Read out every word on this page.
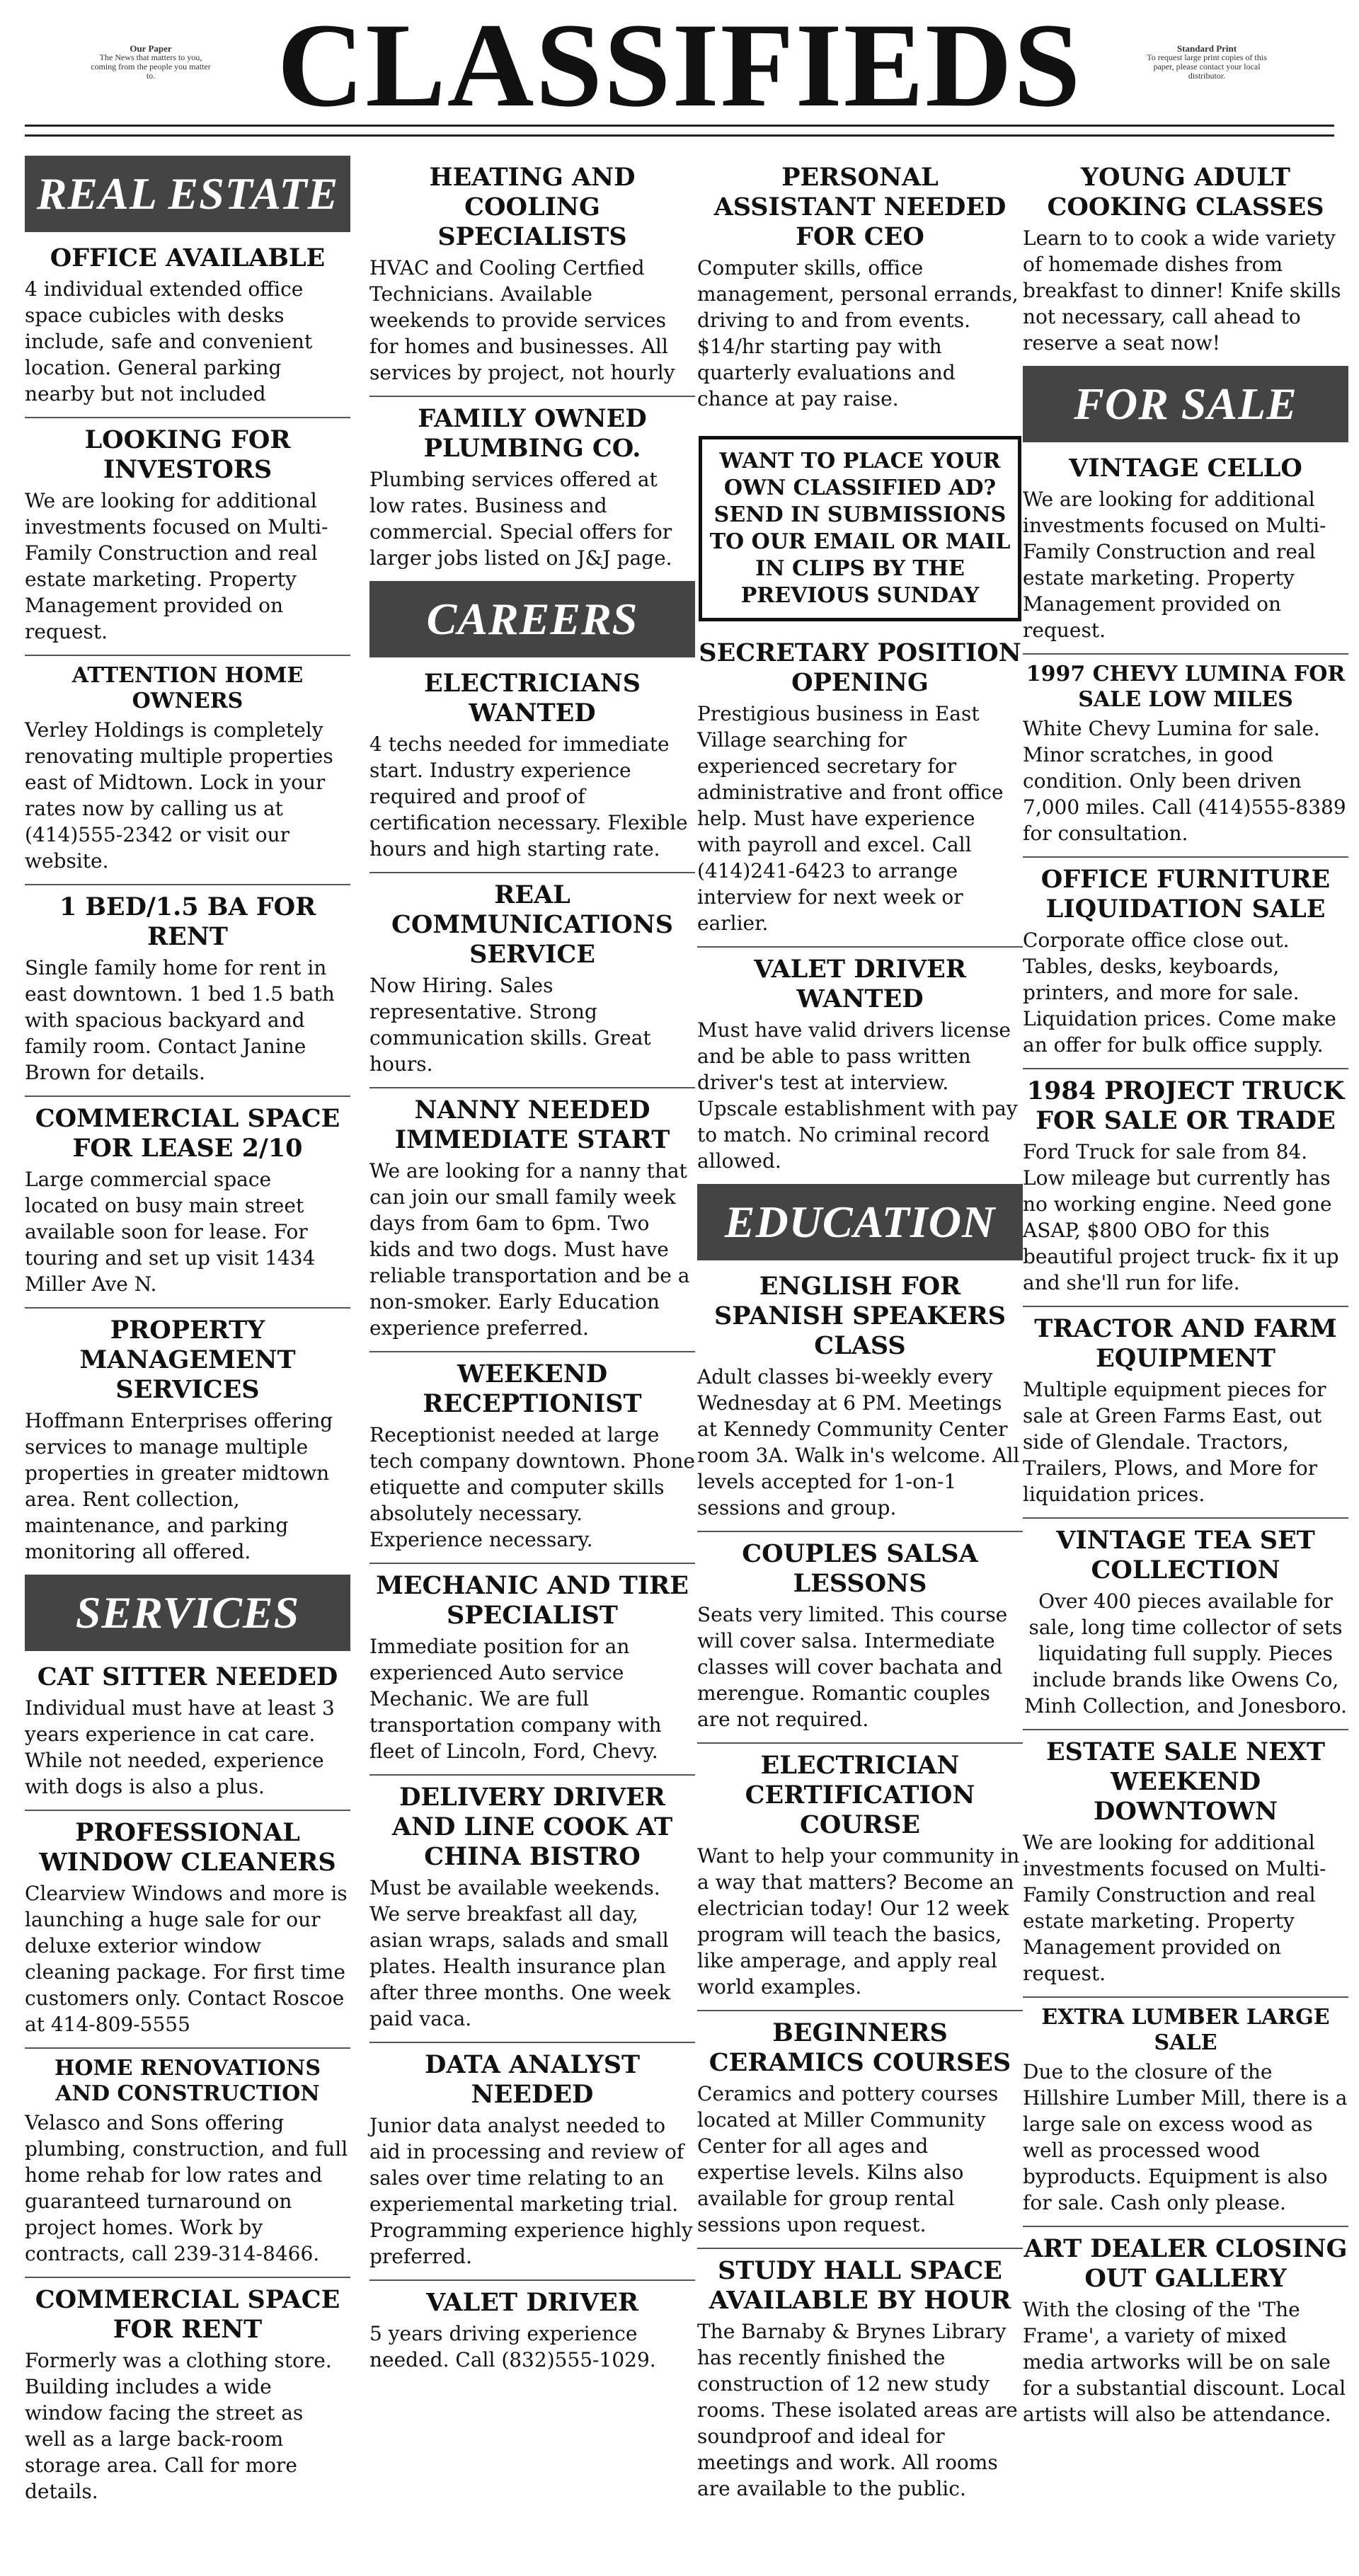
Our Paper
The News that matters to you, coming from the people you matter to.	CLASSIFIEDS	Standard Print
To request large print copies of this paper, please contact your local distributor.
REAL ESTATE
OFFICE AVAILABLE

4 individual extended office space cubicles with desks include, safe and convenient location. General parking nearby but not included

LOOKING FOR INVESTORS

We are looking for additional investments focused on Multi-Family Construction and real estate marketing. Property Management provided on request.

ATTENTION HOME OWNERS

Verley Holdings is completely renovating multiple properties east of Midtown. Lock in your rates now by calling us at (414)555-2342 or visit our website.

1 BED/1.5 BA FOR RENT

Single family home for rent in east downtown. 1 bed 1.5 bath with spacious backyard and family room. Contact Janine Brown for details.

COMMERCIAL SPACE FOR LEASE 2/10

Large commercial space located on busy main street available soon for lease. For touring and set up visit 1434 Miller Ave N.

PROPERTY MANAGEMENT SERVICES

Hoffmann Enterprises offering services to manage multiple properties in greater midtown area. Rent collection, maintenance, and parking monitoring all offered.

SERVICES
CAT SITTER NEEDED

Individual must have at least 3 years experience in cat care. While not needed, experience with dogs is also a plus.

PROFESSIONAL WINDOW CLEANERS

Clearview Windows and more is launching a huge sale for our deluxe exterior window cleaning package. For first time customers only. Contact Roscoe at 414-809-5555

HOME RENOVATIONS AND CONSTRUCTION

Velasco and Sons offering plumbing, construction, and full home rehab for low rates and guaranteed turnaround on project homes. Work by contracts, call 239-314-8466.

COMMERCIAL SPACE FOR RENT

Formerly was a clothing store. Building includes a wide window facing the street as well as a large back-room storage area. Call for more details.

HEATING AND COOLING SPECIALISTS

HVAC and Cooling Certfied Technicians. Available weekends to provide services for homes and businesses. All services by project, not hourly

FAMILY OWNED PLUMBING CO.

Plumbing services offered at low rates. Business and commercial. Special offers for larger jobs listed on J&J page.

CAREERS
ELECTRICIANS WANTED

4 techs needed for immediate start. Industry experience required and proof of certification necessary. Flexible hours and high starting rate.

REAL COMMUNICATIONS SERVICE

Now Hiring. Sales representative. Strong communication skills. Great hours.

NANNY NEEDED IMMEDIATE START

We are looking for a nanny that can join our small family week days from 6am to 6pm. Two kids and two dogs. Must have reliable transportation and be a non-smoker. Early Education experience preferred.

WEEKEND RECEPTIONIST

Receptionist needed at large tech company downtown. Phone etiquette and computer skills absolutely necessary. Experience necessary.

MECHANIC AND TIRE SPECIALIST

Immediate position for an experienced Auto service Mechanic. We are full transportation company with fleet of Lincoln, Ford, Chevy.

DELIVERY DRIVER AND LINE COOK AT CHINA BISTRO

Must be available weekends. We serve breakfast all day, asian wraps, salads and small plates. Health insurance plan after three months. One week paid vaca.

DATA ANALYST NEEDED

Junior data analyst needed to aid in processing and review of sales over time relating to an experiemental marketing trial. Programming experience highly preferred.

VALET DRIVER

5 years driving experience needed. Call (832)555-1029.

PERSONAL ASSISTANT NEEDED FOR CEO

Computer skills, office management, personal errands, driving to and from events. $14/hr starting pay with quarterly evaluations and chance at pay raise.

WANT TO PLACE YOUR OWN CLASSIFIED AD? SEND IN SUBMISSIONS TO OUR EMAIL OR MAIL IN CLIPS BY THE PREVIOUS SUNDAY
SECRETARY POSITION OPENING

Prestigious business in East Village searching for experienced secretary for administrative and front office help. Must have experience with payroll and excel. Call (414)241-6423 to arrange interview for next week or earlier.

VALET DRIVER WANTED

Must have valid drivers license and be able to pass written driver's test at interview. Upscale establishment with pay to match. No criminal record allowed.

EDUCATION
ENGLISH FOR SPANISH SPEAKERS CLASS

Adult classes bi-weekly every Wednesday at 6 PM. Meetings at Kennedy Community Center room 3A. Walk in's welcome. All levels accepted for 1-on-1 sessions and group.

COUPLES SALSA LESSONS

Seats very limited. This course will cover salsa. Intermediate classes will cover bachata and merengue. Romantic couples are not required.

ELECTRICIAN CERTIFICATION COURSE

Want to help your community in a way that matters? Become an electrician today! Our 12 week program will teach the basics, like amperage, and apply real world examples.

BEGINNERS CERAMICS COURSES

Ceramics and pottery courses located at Miller Community Center for all ages and expertise levels. Kilns also available for group rental sessions upon request.

STUDY HALL SPACE AVAILABLE BY HOUR

The Barnaby & Brynes Library has recently finished the construction of 12 new study rooms. These isolated areas are soundproof and ideal for meetings and work. All rooms are available to the public.

YOUNG ADULT COOKING CLASSES

Learn to to cook a wide variety of homemade dishes from breakfast to dinner! Knife skills not necessary, call ahead to reserve a seat now!

FOR SALE
VINTAGE CELLO

We are looking for additional investments focused on Multi-Family Construction and real estate marketing. Property Management provided on request.

1997 CHEVY LUMINA FOR SALE LOW MILES

White Chevy Lumina for sale. Minor scratches, in good condition. Only been driven 7,000 miles. Call (414)555-8389 for consultation.

OFFICE FURNITURE LIQUIDATION SALE

Corporate office close out. Tables, desks, keyboards, printers, and more for sale. Liquidation prices. Come make an offer for bulk office supply.

1984 PROJECT TRUCK FOR SALE OR TRADE

Ford Truck for sale from 84. Low mileage but currently has no working engine. Need gone ASAP, $800 OBO for this beautiful project truck- fix it up and she'll run for life.

TRACTOR AND FARM EQUIPMENT

Multiple equipment pieces for sale at Green Farms East, out side of Glendale. Tractors, Trailers, Plows, and More for liquidation prices.

VINTAGE TEA SET COLLECTION

Over 400 pieces available for sale, long time collector of sets liquidating full supply. Pieces include brands like Owens Co, Minh Collection, and Jonesboro.

ESTATE SALE NEXT WEEKEND DOWNTOWN

We are looking for additional investments focused on Multi-Family Construction and real estate marketing. Property Management provided on request.

EXTRA LUMBER LARGE SALE

Due to the closure of the Hillshire Lumber Mill, there is a large sale on excess wood as well as processed wood byproducts. Equipment is also for sale. Cash only please.

ART DEALER CLOSING OUT GALLERY

With the closing of the 'The Frame', a variety of mixed media artworks will be on sale for a substantial discount. Local artists will also be attendance.
